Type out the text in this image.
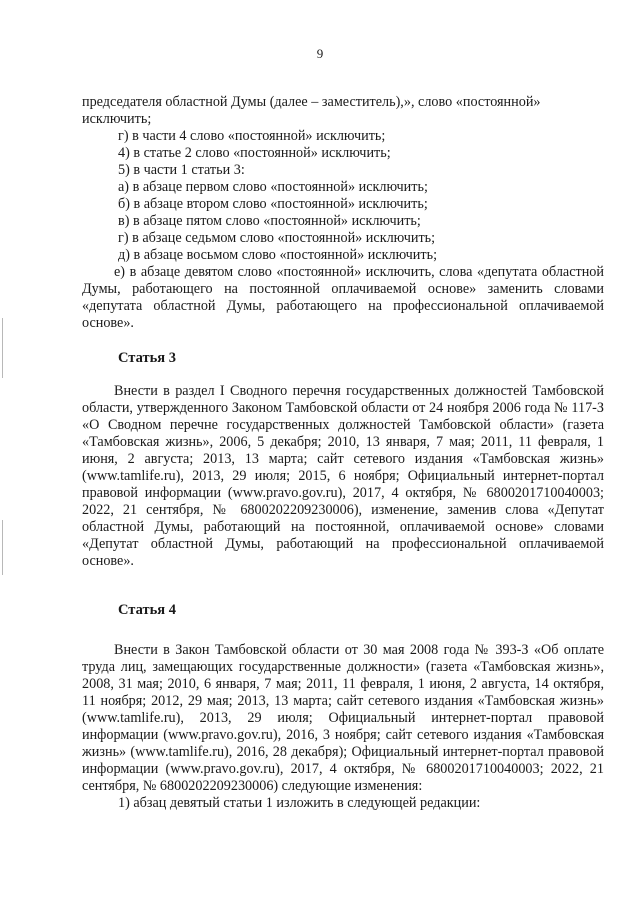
9

председателя областной Думы (далее – заместитель),», слово «постоянной»

исключить;

г) в части 4 слово «постоянной» исключить;

4) в статье 2 слово «постоянной» исключить;

5) в части 1 статьи 3:

а) в абзаце первом слово «постоянной» исключить;

б) в абзаце втором слово «постоянной» исключить;

в) в абзаце пятом слово «постоянной» исключить;

г) в абзаце седьмом слово «постоянной» исключить;

д) в абзаце восьмом слово «постоянной» исключить;

е) в абзаце девятом слово «постоянной» исключить, слова «депутата областной Думы, работающего на постоянной оплачиваемой основе» заменить словами «депутата областной Думы, работающего на профессиональной оплачиваемой основе».

Статья 3

Внести в раздел I Сводного перечня государственных должностей Тамбовской области, утвержденного Законом Тамбовской области от 24 ноября 2006 года № 117-З «О Сводном перечне государственных должностей Тамбовской области» (газета «Тамбовская жизнь», 2006, 5 декабря; 2010, 13 января, 7 мая; 2011, 11 февраля, 1 июня, 2 августа; 2013, 13 марта; сайт сетевого издания «Тамбовская жизнь» (www.tamlife.ru), 2013, 29 июля; 2015, 6 ноября; Официальный интернет-портал правовой информации (www.pravo.gov.ru), 2017, 4 октября, № 6800201710040003; 2022, 21 сентября, № 6800202209230006), изменение, заменив слова «Депутат областной Думы, работающий на постоянной, оплачиваемой основе» словами «Депутат областной Думы, работающий на профессиональной оплачиваемой основе».

Статья 4

Внести в Закон Тамбовской области от 30 мая 2008 года № 393-З «Об оплате труда лиц, замещающих государственные должности» (газета «Тамбовская жизнь», 2008, 31 мая; 2010, 6 января, 7 мая; 2011, 11 февраля, 1 июня, 2 августа, 14 октября, 11 ноября; 2012, 29 мая; 2013, 13 марта; сайт сетевого издания «Тамбовская жизнь» (www.tamlife.ru), 2013, 29 июля; Официальный интернет-портал правовой информации (www.pravo.gov.ru), 2016, 3 ноября; сайт сетевого издания «Тамбовская жизнь» (www.tamlife.ru), 2016, 28 декабря); Официальный интернет-портал правовой информации (www.pravo.gov.ru), 2017, 4 октября, № 6800201710040003; 2022, 21 сентября, № 6800202209230006) следующие изменения:

1) абзац девятый статьи 1 изложить в следующей редакции:
